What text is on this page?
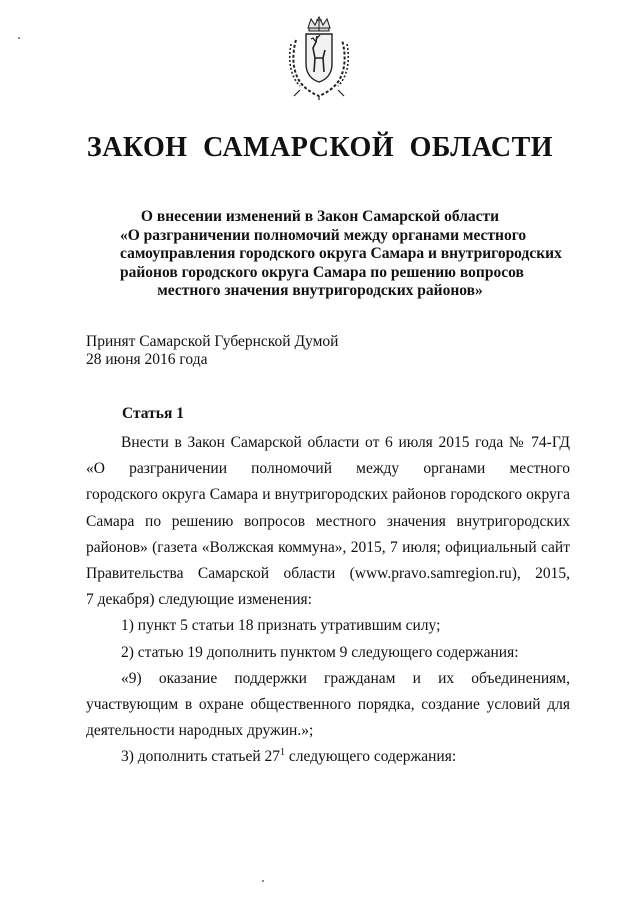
ЗАКОН САМАРСКОЙ ОБЛАСТИ
О внесении изменений в Закон Самарской области
«О разграничении полномочий между органами местного
самоуправления городского округа Самара и внутригородских
районов городского округа Самара по решению вопросов
местного значения внутригородских районов»
Принят Самарской Губернской Думой
28 июня 2016 года
Статья 1
Внести в Закон Самарской области от 6 июля 2015 года № 74-ГД
«О разграничении полномочий между органами местного
городского округа Самара и внутригородских районов городского округа
Самара по решению вопросов местного значения внутригородских
районов» (газета «Волжская коммуна», 2015, 7 июля; официальный сайт
Правительства Самарской области (www.pravo.samregion.ru), 2015,
7 декабря) следующие изменения:
1) пункт 5 статьи 18 признать утратившим силу;
2) статью 19 дополнить пунктом 9 следующего содержания:
«9) оказание поддержки гражданам и их объединениям,
участвующим в охране общественного порядка, создание условий для
деятельности народных дружин.»;
3) дополнить статьей $27^1$ следующего содержания:
